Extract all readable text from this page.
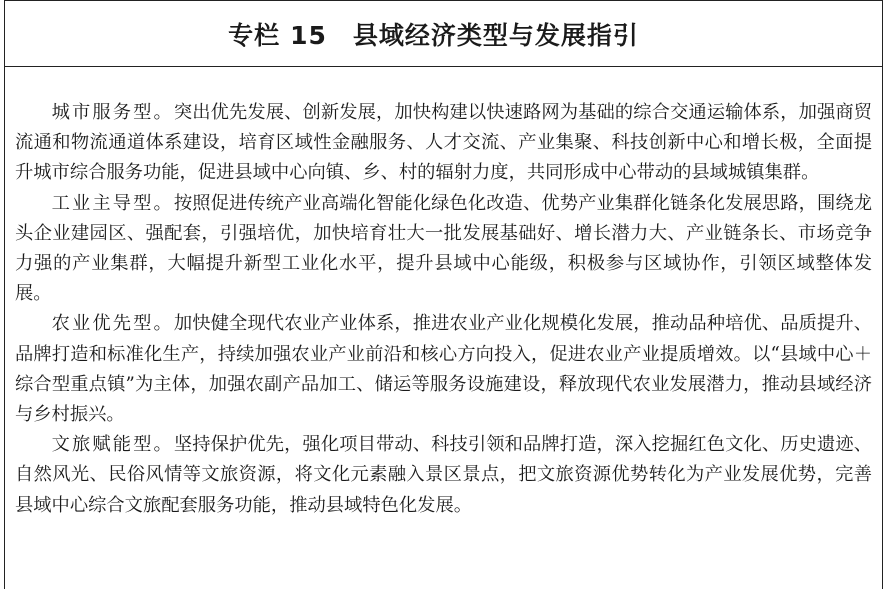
专栏 15 县域经济类型与发展指引

城市服务型。突出优先发展、创新发展，加快构建以快速路网为基础的综合交通运输体系，加强商贸流通和物流通道体系建设，培育区域性金融服务、人才交流、产业集聚、科技创新中心和增长极，全面提升城市综合服务功能，促进县域中心向镇、乡、村的辐射力度，共同形成中心带动的县域城镇集群。

工业主导型。按照促进传统产业高端化智能化绿色化改造、优势产业集群化链条化发展思路，围绕龙头企业建园区、强配套，引强培优，加快培育壮大一批发展基础好、增长潜力大、产业链条长、市场竞争力强的产业集群，大幅提升新型工业化水平，提升县域中心能级，积极参与区域协作，引领区域整体发展。

农业优先型。加快健全现代农业产业体系，推进农业产业化规模化发展，推动品种培优、品质提升、品牌打造和标准化生产，持续加强农业产业前沿和核心方向投入，促进农业产业提质增效。以“县域中心＋综合型重点镇”为主体，加强农副产品加工、储运等服务设施建设，释放现代农业发展潜力，推动县域经济与乡村振兴。

文旅赋能型。坚持保护优先，强化项目带动、科技引领和品牌打造，深入挖掘红色文化、历史遗迹、自然风光、民俗风情等文旅资源，将文化元素融入景区景点，把文旅资源优势转化为产业发展优势，完善县域中心综合文旅配套服务功能，推动县域特色化发展。
